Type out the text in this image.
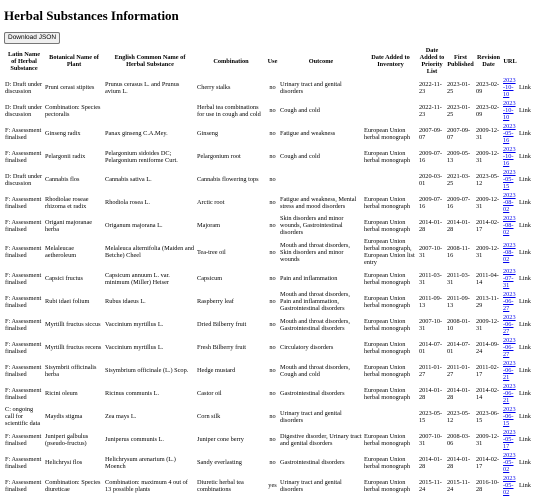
Herbal Substances Information
Download JSON
Latin Name of Herbal Substance	Botanical Name of Plant	English Common Name of Herbal Substance	Combination	Use	Outcome	Date Added to Inventory	Date Added to Priority List	First Published	Revision Date	URL	
D: Draft under discussion	Pruni cerasi stipites	Prunus cerasus L. and Prunus avium L.	Cherry stalks	no	Urinary tract and genital disorders		2022-11-23	2023-01-25	2023-02-09	2023-10-10	Link
D: Draft under discussion	Combination: Species pectoralis		Herbal tea combinations for use in cough and cold	no	Cough and cold		2022-11-23	2023-01-25	2023-02-09	2023-10-10	Link
F: Assessment finalised	Ginseng radix	Panax ginseng C.A.Mey.	Ginseng	no	Fatigue and weakness	European Union herbal monograph	2007-09-07	2007-09-07	2009-12-31	2023-05-16	Link
F: Assessment finalised	Pelargonii radix	Pelargonium sidoides DC; Pelargonium reniforme Curt.	Pelargonium root	no	Cough and cold	European Union herbal monograph	2009-07-16	2009-05-13	2009-12-31	2023-10-16	Link
D: Draft under discussion	Cannabis flos	Cannabis sativa L.	Cannabis flowering tops	no			2020-03-01	2021-03-25	2023-05-12	2023-05-15	Link
F: Assessment finalised	Rhodiolae roseae rhizoma et radix	Rhodiola rosea L.	Arctic root	no	Fatigue and weakness, Mental stress and mood disorders	European Union herbal monograph	2009-07-16	2009-07-16	2009-12-31	2023-08-02	Link
F: Assessment finalised	Origani majoranae herba	Origanum majorana L.	Majoram	no	Skin disorders and minor wounds, Gastrointestinal disorders	European Union herbal monograph	2014-01-28	2014-01-28	2014-02-17	2023-08-02	Link
F: Assessment finalised	Melaleucae aetheroleum	Melaleuca alternifolia (Maiden and Betche) Cheel	Tea-tree oil	no	Mouth and throat disorders, Skin disorders and minor wounds	European Union herbal monograph, European Union list entry	2007-10-31	2008-11-16	2009-12-31	2023-08-02	Link
F: Assessment finalised	Capsici fructus	Capsicum annuum L. var. minimum (Miller) Heiser	Capsicum	no	Pain and inflammation	European Union herbal monograph	2011-03-31	2011-03-31	2011-04-14	2023-07-31	Link
F: Assessment finalised	Rubi idaei folium	Rubus idaeus L.	Raspberry leaf	no	Mouth and throat disorders, Pain and inflammation, Gastrointestinal disorders	European Union herbal monograph	2011-09-13	2011-09-13	2013-11-29	2023-06-27	Link
F: Assessment finalised	Myrtilli fructus siccus	Vaccinium myrtillus L.	Dried Bilberry fruit	no	Mouth and throat disorders, Gastrointestinal disorders	European Union herbal monograph	2007-10-31	2008-01-10	2009-12-31	2023-06-27	Link
F: Assessment finalised	Myrtilli fructus recens	Vaccinium myrtillus L.	Fresh Bilberry fruit	no	Circulatory disorders	European Union herbal monograph	2014-07-01	2014-07-01	2014-09-24	2023-06-27	Link
F: Assessment finalised	Sisymbrii officinalis herba	Sisymbrium officinale (L.) Scop.	Hedge mustard	no	Mouth and throat disorders, Cough and cold	European Union herbal monograph	2011-01-27	2011-01-27	2011-02-17	2023-06-21	Link
F: Assessment finalised	Ricini oleum	Ricinus communis L.	Castor oil	no	Gastrointestinal disorders	European Union herbal monograph	2014-01-28	2014-01-28	2014-02-14	2023-06-21	Link
C: ongoing call for scientific data	Maydis stigma	Zea mays L.	Corn silk	no	Urinary tract and genital disorders		2023-05-15	2023-05-12	2023-06-15	2023-06-15	Link
F: Assessment finalised	Juniperi galbulus (pseudo-fructus)	Juniperus communis L.	Juniper cone berry	no	Digestive disorder, Urinary tract and genital disorders	European Union herbal monograph	2007-10-31	2008-03-06	2009-12-31	2023-05-17	Link
F: Assessment finalised	Helichrysi flos	Helichrysum arenarium (L.) Moench	Sandy everlasting	no	Gastrointestinal disorders	European Union herbal monograph	2014-01-28	2014-01-28	2014-02-17	2023-05-02	Link
F: Assessment finalised	Combination: Species diureticae	Combination: maximum 4 out of 13 possible plants	Diuretic herbal tea combinations	yes	Urinary tract and genital disorders	European Union herbal monograph	2015-11-24	2015-11-24	2016-10-28	2023-05-02	Link
